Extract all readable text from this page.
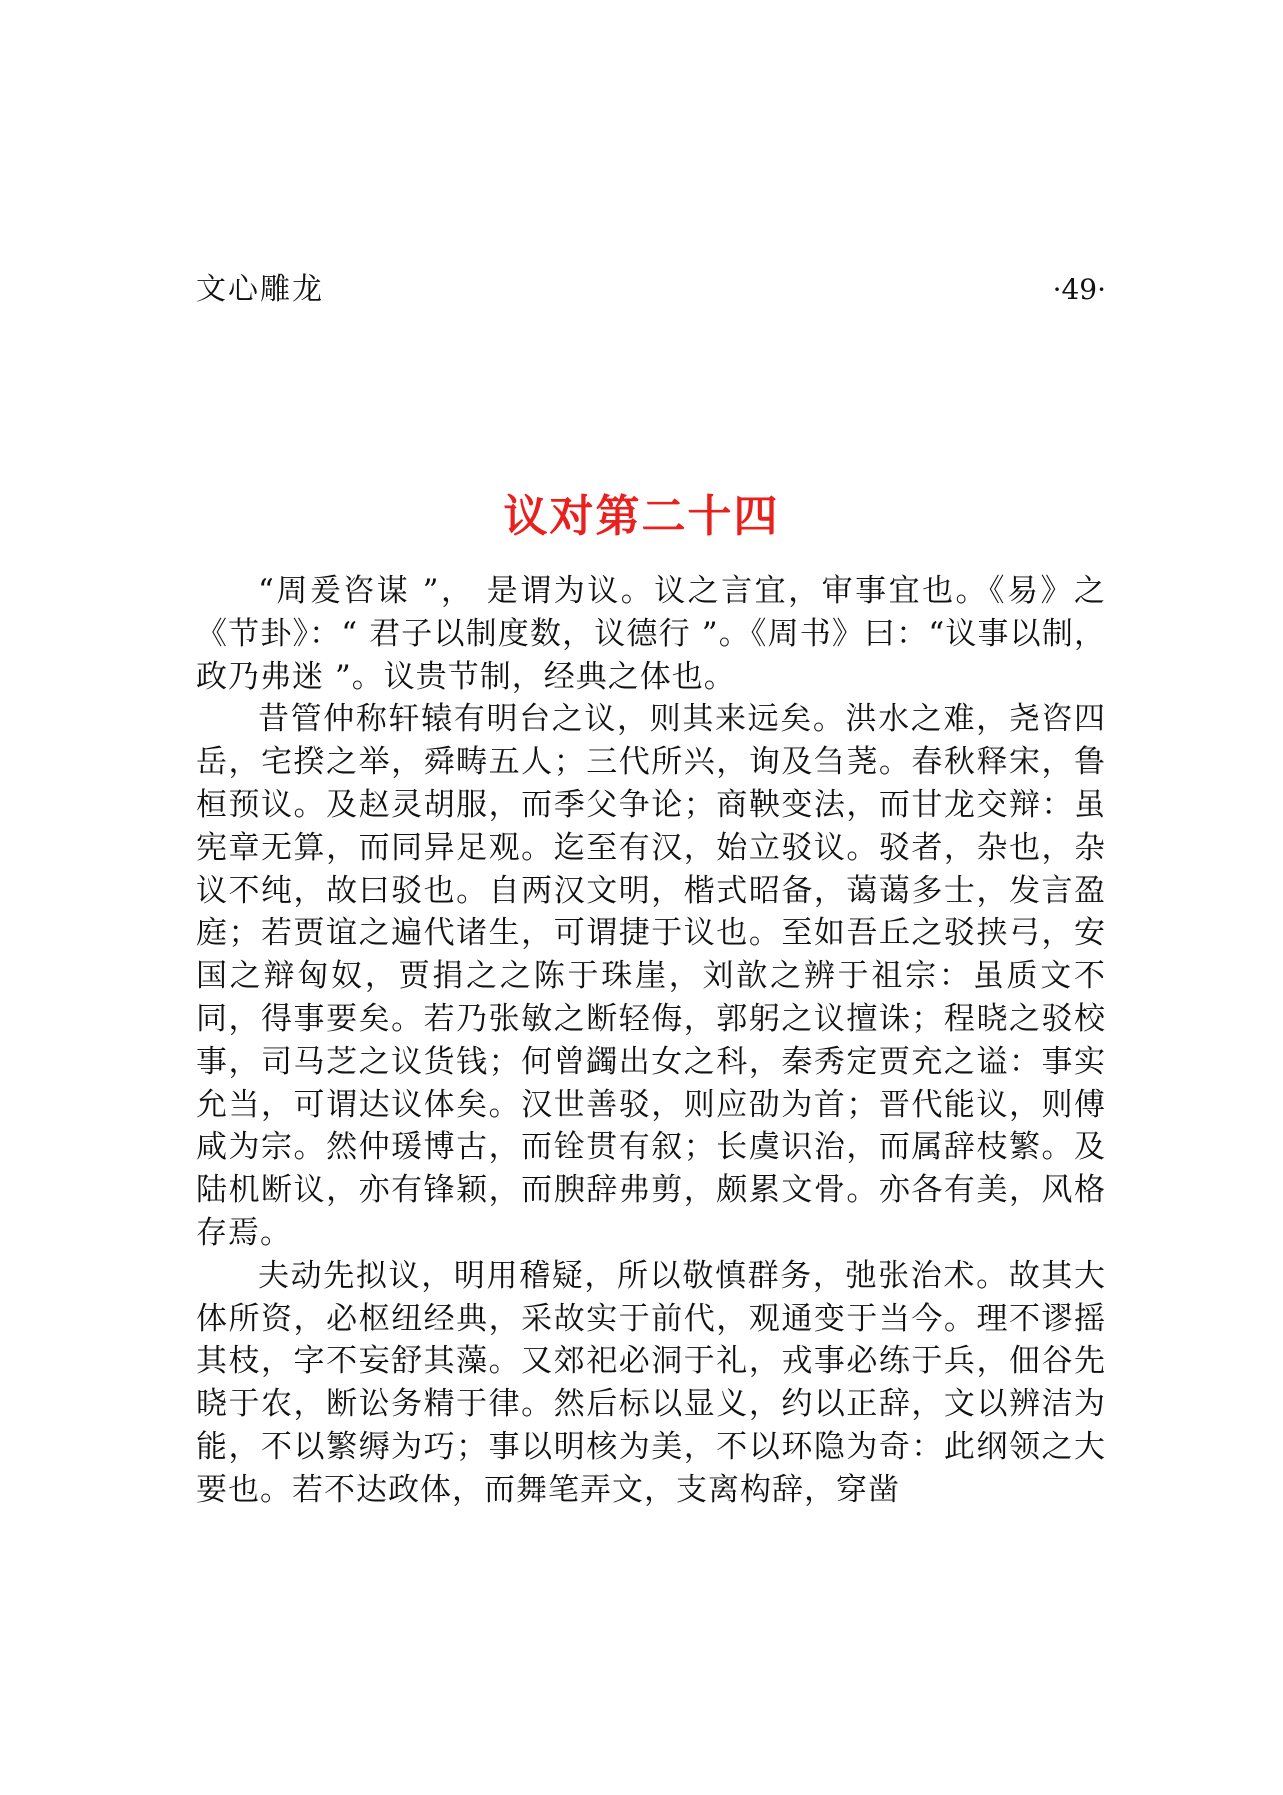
文心雕龙	·49·
议对第二十四

“周爰咨谋 ”， 是谓为议。议之言宜，审事宜也。《易》之《节卦》：“ 君子以制度数，议德行 ”。《周书》曰：“议事以制，政乃弗迷 ”。议贵节制，经典之体也。

昔管仲称轩辕有明台之议，则其来远矣。洪水之难，尧咨四岳，宅揆之举，舜畴五人；三代所兴，询及刍荛。春秋释宋，鲁桓预议。及赵灵胡服，而季父争论；商鞅变法，而甘龙交辩：虽宪章无算，而同异足观。迄至有汉，始立驳议。驳者，杂也，杂议不纯，故曰驳也。自两汉文明，楷式昭备，蔼蔼多士，发言盈庭；若贾谊之遍代诸生，可谓捷于议也。至如吾丘之驳挟弓，安国之辩匈奴，贾捐之之陈于珠崖，刘歆之辨于祖宗：虽质文不同，得事要矣。若乃张敏之断轻侮，郭躬之议擅诛；程晓之驳校事，司马芝之议货钱；何曾蠲出女之科，秦秀定贾充之谥：事实允当，可谓达议体矣。汉世善驳，则应劭为首；晋代能议，则傅咸为宗。然仲瑗博古，而铨贯有叙；长虞识治，而属辞枝繁。及陆机断议，亦有锋颖，而腴辞弗剪，颇累文骨。亦各有美，风格存焉。

夫动先拟议，明用稽疑，所以敬慎群务，弛张治术。故其大体所资，必枢纽经典，采故实于前代，观通变于当今。理不谬摇其枝，字不妄舒其藻。又郊祀必洞于礼，戎事必练于兵，佃谷先晓于农，断讼务精于律。然后标以显义，约以正辞，文以辨洁为能，不以繁缛为巧；事以明核为美，不以环隐为奇：此纲领之大要也。若不达政体，而舞笔弄文，支离构辞，穿凿
